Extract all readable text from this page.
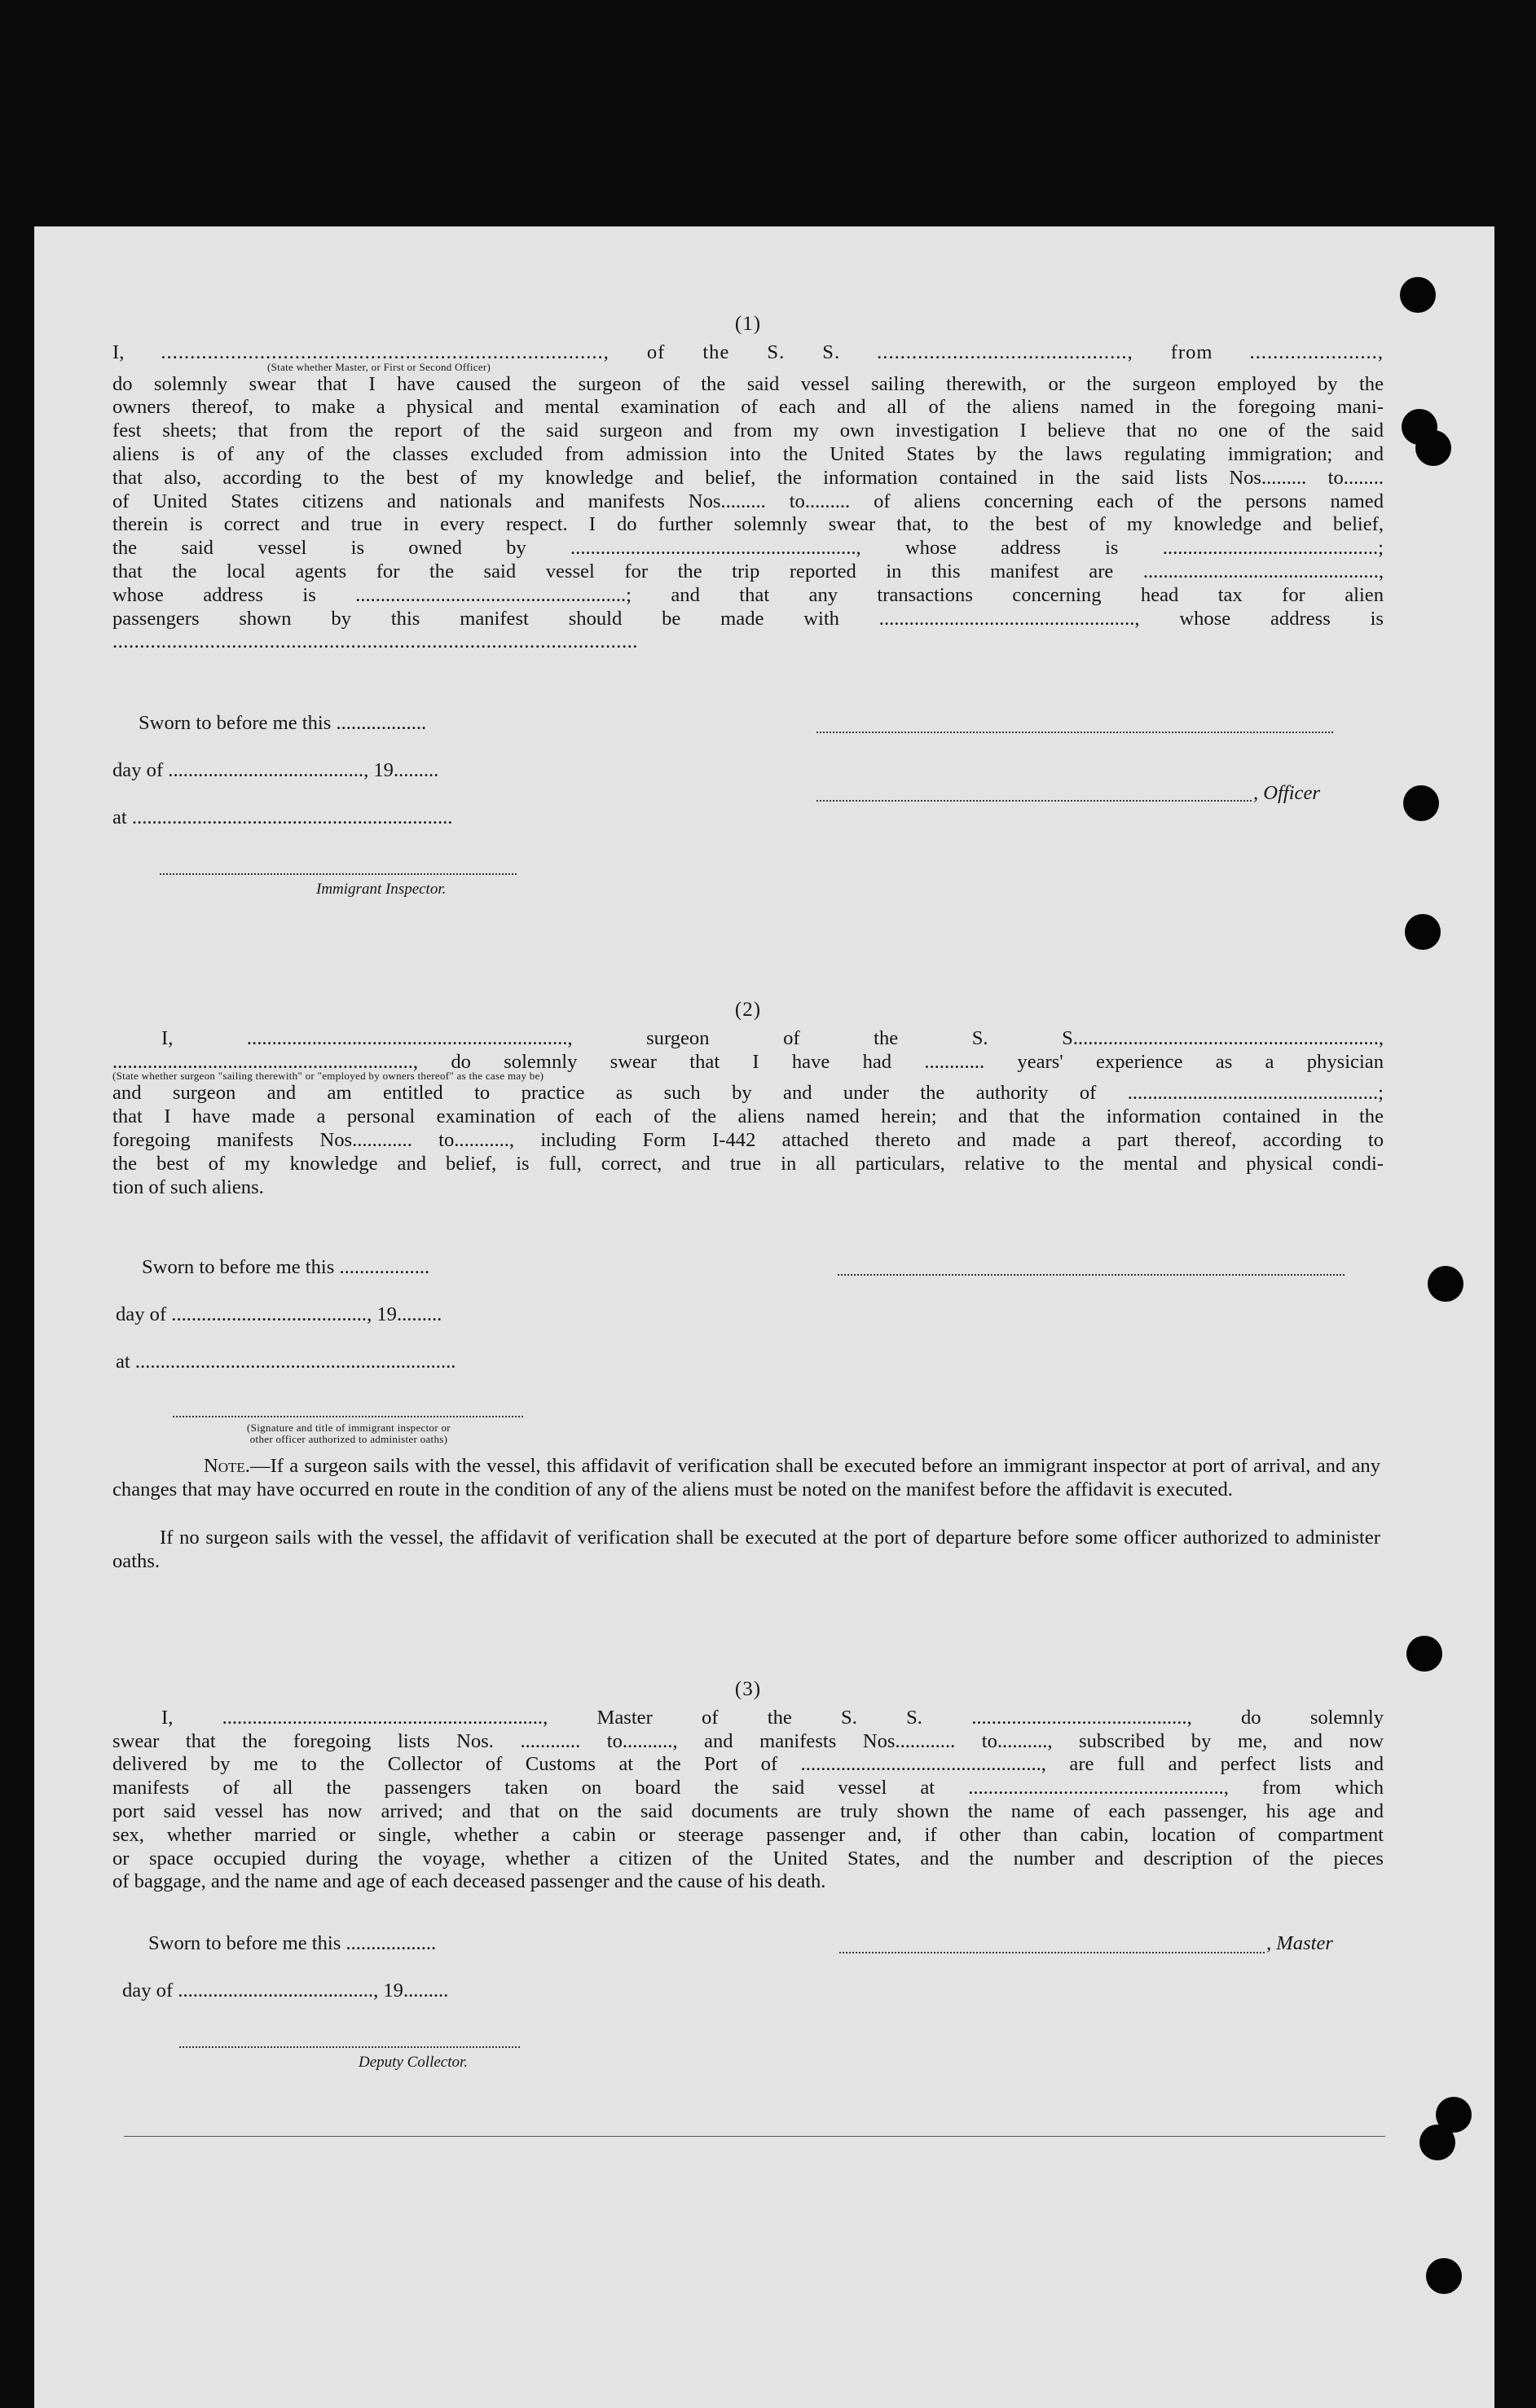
(1)
I, ............................................................................, of the S. S. ..........................................., from ......................,
(State whether Master, or First or Second Officer)
do solemnly swear that I have caused the surgeon of the said vessel sailing therewith, or the surgeon employed by the
owners thereof, to make a physical and mental examination of each and all of the aliens named in the foregoing mani-
fest sheets; that from the report of the said surgeon and from my own investigation I believe that no one of the said
aliens is of any of the classes excluded from admission into the United States by the laws regulating immigration; and
that also, according to the best of my knowledge and belief, the information contained in the said lists Nos......... to........
of United States citizens and nationals and manifests Nos......... to......... of aliens concerning each of the persons named
therein is correct and true in every respect. I do further solemnly swear that, to the best of my knowledge and belief,
the said vessel is owned by ........................................................., whose address is ...........................................;
that the local agents for the said vessel for the trip reported in this manifest are ...............................................,
whose address is ......................................................; and that any transactions concerning head tax for alien
passengers shown by this manifest should be made with ..................................................., whose address is
.................................................................................................
Sworn to before me this ..................
day of ......................................., 19.........
at ................................................................
Immigrant Inspector.
, Officer
(2)
I, ................................................................, surgeon of the S. S.............................................................,
............................................................, do solemnly swear that I have had ............ years' experience as a physician
(State whether surgeon "sailing therewith" or "employed by owners thereof" as the case may be)
and surgeon and am entitled to practice as such by and under the authority of ..................................................;
that I have made a personal examination of each of the aliens named herein; and that the information contained in the
foregoing manifests Nos............ to..........., including Form I-442 attached thereto and made a part thereof, according to
the best of my knowledge and belief, is full, correct, and true in all particulars, relative to the mental and physical condi-
tion of such aliens.
Sworn to before me this ..................
day of ......................................., 19.........
at ................................................................
(Signature and title of immigrant inspector or
other officer authorized to administer oaths)
Note.—If a surgeon sails with the vessel, this affidavit of verification shall be executed before an immigrant inspector at port of arrival, and any changes that may have occurred en route in the condition of any of the aliens must be noted on the manifest before the affidavit is executed.
If no surgeon sails with the vessel, the affidavit of verification shall be executed at the port of departure before some officer authorized to administer oaths.
(3)
I, ................................................................, Master of the S. S. ..........................................., do solemnly
swear that the foregoing lists Nos. ............ to.........., and manifests Nos............ to.........., subscribed by me, and now
delivered by me to the Collector of Customs at the Port of ................................................, are full and perfect lists and
manifests of all the passengers taken on board the said vessel at ..................................................., from which
port said vessel has now arrived; and that on the said documents are truly shown the name of each passenger, his age and
sex, whether married or single, whether a cabin or steerage passenger and, if other than cabin, location of compartment
or space occupied during the voyage, whether a citizen of the United States, and the number and description of the pieces
of baggage, and the name and age of each deceased passenger and the cause of his death.
Sworn to before me this ..................
day of ......................................., 19.........
Deputy Collector.
, Master
